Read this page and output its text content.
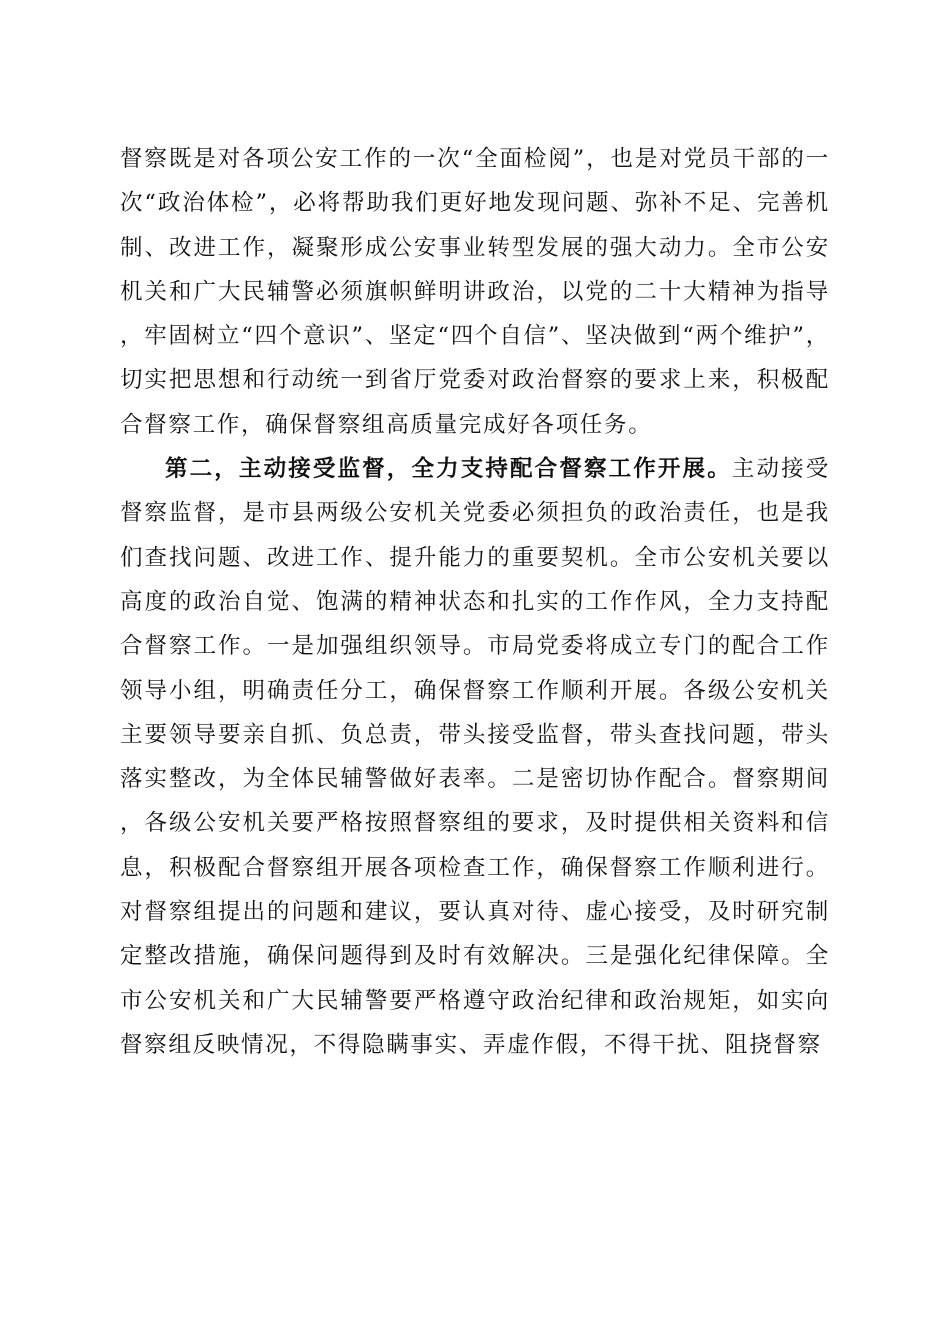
督察既是对各项公安工作的一次“全面检阅”，也是对党员干部的一次“政治体检”，必将帮助我们更好地发现问题、弥补不足、完善机制、改进工作，凝聚形成公安事业转型发展的强大动力。全市公安机关和广大民辅警必须旗帜鲜明讲政治，以党的二十大精神为指导，牢固树立“四个意识”、坚定“四个自信”、坚决做到“两个维护”，切实把思想和行动统一到省厅党委对政治督察的要求上来，积极配合督察工作，确保督察组高质量完成好各项任务。

第二，主动接受监督，全力支持配合督察工作开展。主动接受督察监督，是市县两级公安机关党委必须担负的政治责任，也是我们查找问题、改进工作、提升能力的重要契机。全市公安机关要以高度的政治自觉、饱满的精神状态和扎实的工作作风，全力支持配合督察工作。一是加强组织领导。市局党委将成立专门的配合工作领导小组，明确责任分工，确保督察工作顺利开展。各级公安机关主要领导要亲自抓、负总责，带头接受监督，带头查找问题，带头落实整改，为全体民辅警做好表率。二是密切协作配合。督察期间，各级公安机关要严格按照督察组的要求，及时提供相关资料和信息，积极配合督察组开展各项检查工作，确保督察工作顺利进行。对督察组提出的问题和建议，要认真对待、虚心接受，及时研究制定整改措施，确保问题得到及时有效解决。三是强化纪律保障。全市公安机关和广大民辅警要严格遵守政治纪律和政治规矩，如实向督察组反映情况，不得隐瞒事实、弄虚作假，不得干扰、阻挠督察
